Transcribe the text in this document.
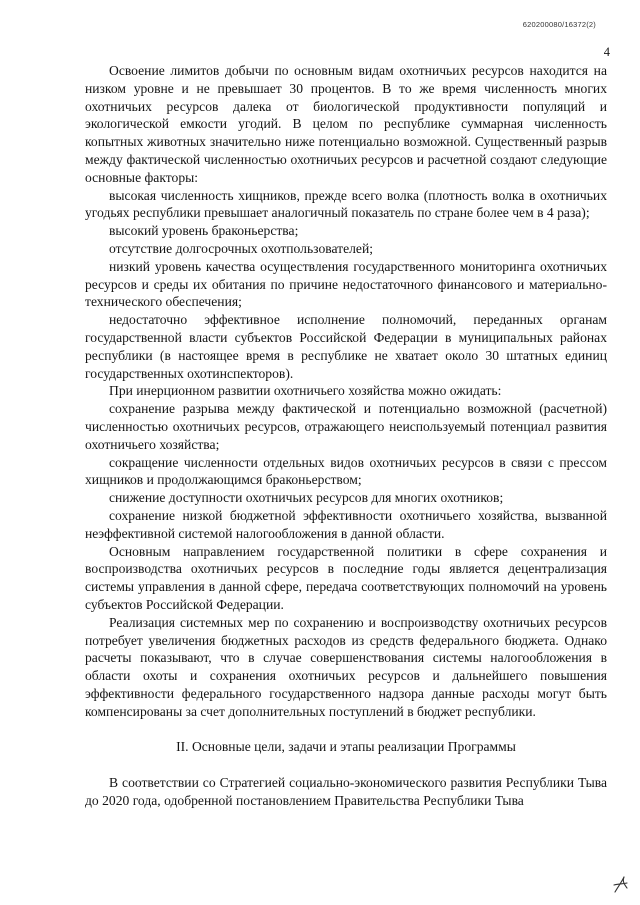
620200080/16372(2)
4

Освоение лимитов добычи по основным видам охотничьих ресурсов находится на низком уровне и не превышает 30 процентов. В то же время численность многих охотничьих ресурсов далека от биологической продуктивности популяций и экологической емкости угодий. В целом по республике суммарная численность копытных животных значительно ниже потенциально возможной. Существенный разрыв между фактической численностью охотничьих ресурсов и расчетной создают следующие основные факторы:

высокая численность хищников, прежде всего волка (плотность волка в охотничьих угодьях республики превышает аналогичный показатель по стране более чем в 4 раза);

высокий уровень браконьерства;

отсутствие долгосрочных охотпользователей;

низкий уровень качества осуществления государственного мониторинга охотничьих ресурсов и среды их обитания по причине недостаточного финансового и материально-технического обеспечения;

недостаточно эффективное исполнение полномочий, переданных органам государственной власти субъектов Российской Федерации в муниципальных районах республики (в настоящее время в республике не хватает около 30 штатных единиц государственных охотинспекторов).

При инерционном развитии охотничьего хозяйства можно ожидать:

сохранение разрыва между фактической и потенциально возможной (расчетной) численностью охотничьих ресурсов, отражающего неиспользуемый потенциал развития охотничьего хозяйства;

сокращение численности отдельных видов охотничьих ресурсов в связи с прессом хищников и продолжающимся браконьерством;

снижение доступности охотничьих ресурсов для многих охотников;

сохранение низкой бюджетной эффективности охотничьего хозяйства, вызванной неэффективной системой налогообложения в данной области.

Основным направлением государственной политики в сфере сохранения и воспроизводства охотничьих ресурсов в последние годы является децентрализация системы управления в данной сфере, передача соответствующих полномочий на уровень субъектов Российской Федерации.

Реализация системных мер по сохранению и воспроизводству охотничьих ресурсов потребует увеличения бюджетных расходов из средств федерального бюджета. Однако расчеты показывают, что в случае совершенствования системы налогообложения в области охоты и сохранения охотничьих ресурсов и дальнейшего повышения эффективности федерального государственного надзора данные расходы могут быть компенсированы за счет дополнительных поступлений в бюджет республики.

II. Основные цели, задачи и этапы реализации Программы

В соответствии со Стратегией социально-экономического развития Республики Тыва до 2020 года, одобренной постановлением Правительства Республики Тыва
